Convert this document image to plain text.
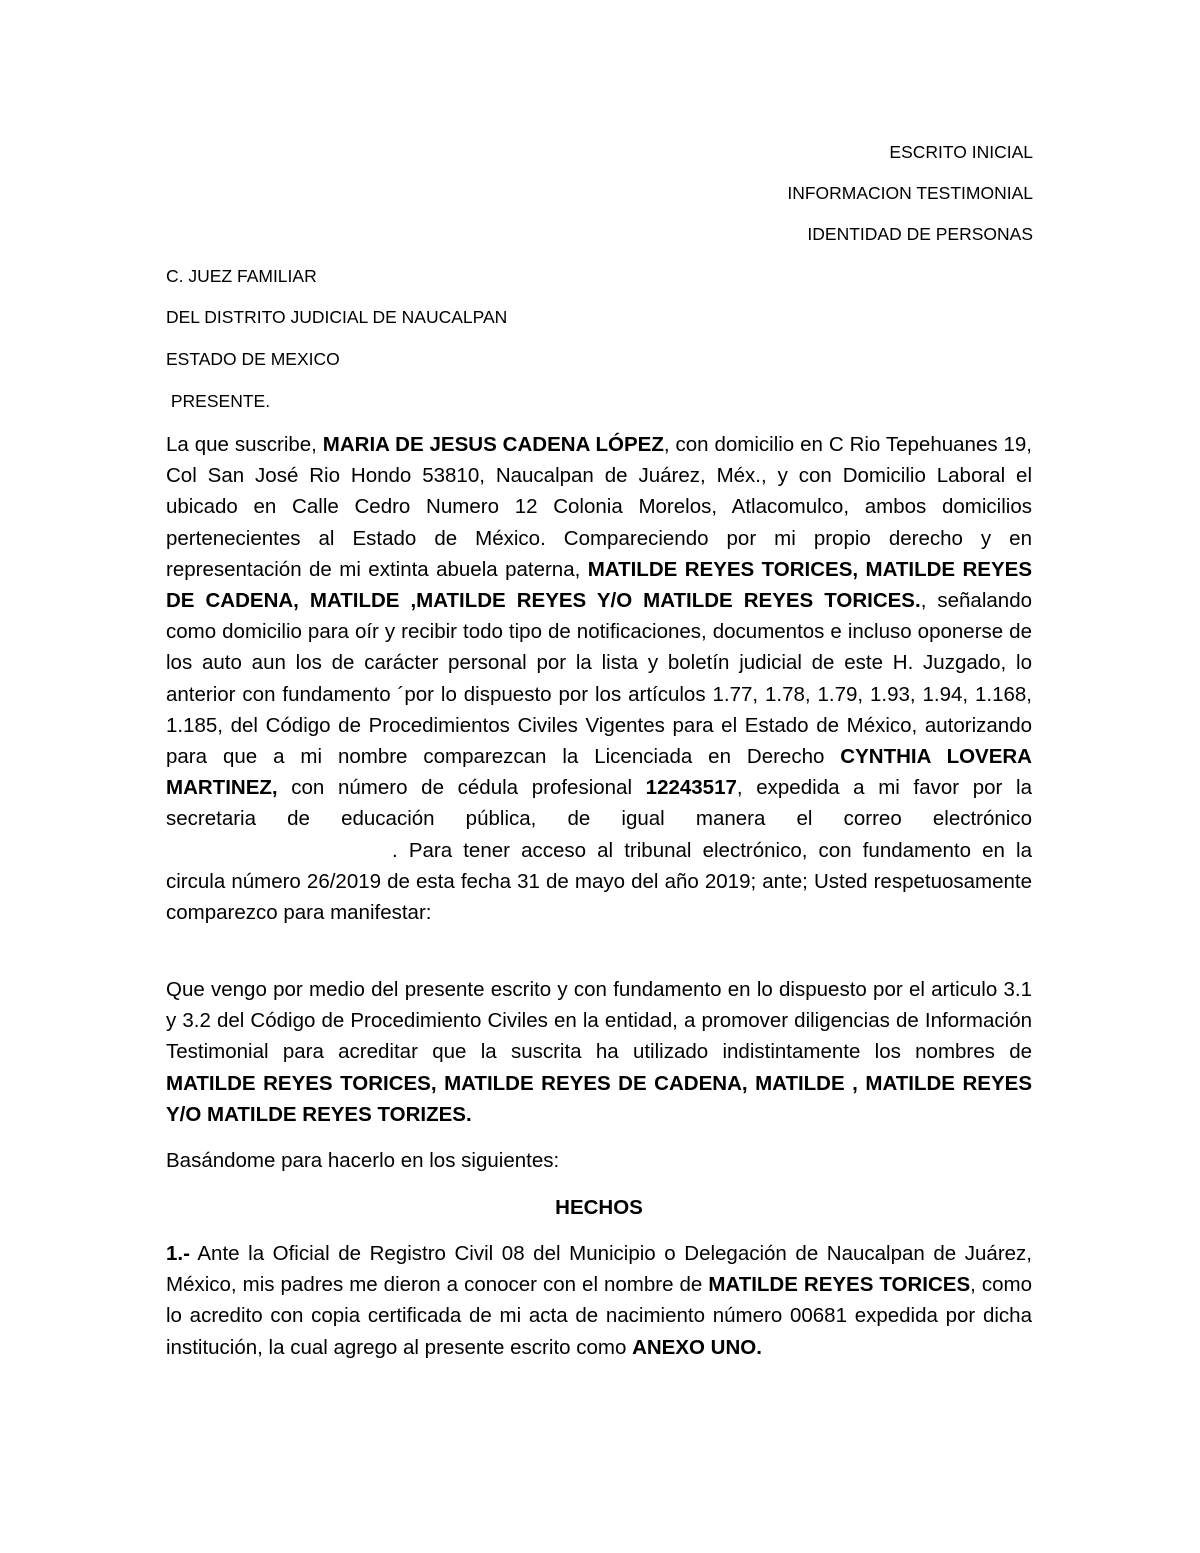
ESCRITO INICIAL
INFORMACION TESTIMONIAL
IDENTIDAD DE PERSONAS
C. JUEZ FAMILIAR
DEL DISTRITO JUDICIAL DE NAUCALPAN
ESTADO DE MEXICO
PRESENTE.
La que suscribe, MARIA DE JESUS CADENA LÓPEZ, con domicilio en C Rio Tepehuanes 19, Col San José Rio Hondo 53810, Naucalpan de Juárez, Méx., y con Domicilio Laboral el ubicado en Calle Cedro Numero 12 Colonia Morelos, Atlacomulco, ambos domicilios pertenecientes al Estado de México. Compareciendo por mi propio derecho y en representación de mi extinta abuela paterna, MATILDE REYES TORICES, MATILDE REYES DE CADENA, MATILDE ,MATILDE REYES Y/O MATILDE REYES TORICES., señalando como domicilio para oír y recibir todo tipo de notificaciones, documentos e incluso oponerse de los auto aun los de carácter personal por la lista y boletín judicial de este H. Juzgado, lo anterior con fundamento ´por lo dispuesto por los artículos 1.77, 1.78, 1.79, 1.93, 1.94, 1.168, 1.185, del Código de Procedimientos Civiles Vigentes para el Estado de México, autorizando para que a mi nombre comparezcan la Licenciada en Derecho CYNTHIA LOVERA MARTINEZ, con número de cédula profesional 12243517, expedida a mi favor por la secretaria de educación pública, de igual manera el correo electrónico . Para tener acceso al tribunal electrónico, con fundamento en la circula número 26/2019 de esta fecha 31 de mayo del año 2019; ante; Usted respetuosamente comparezco para manifestar:
Que vengo por medio del presente escrito y con fundamento en lo dispuesto por el articulo 3.1 y 3.2 del Código de Procedimiento Civiles en la entidad, a promover diligencias de Información Testimonial para acreditar que la suscrita ha utilizado indistintamente los nombres de MATILDE REYES TORICES, MATILDE REYES DE CADENA, MATILDE , MATILDE REYES Y/O MATILDE REYES TORIZES.
Basándome para hacerlo en los siguientes:
HECHOS
1.- Ante la Oficial de Registro Civil 08 del Municipio o Delegación de Naucalpan de Juárez, México, mis padres me dieron a conocer con el nombre de MATILDE REYES TORICES, como lo acredito con copia certificada de mi acta de nacimiento número 00681 expedida por dicha institución, la cual agrego al presente escrito como ANEXO UNO.
